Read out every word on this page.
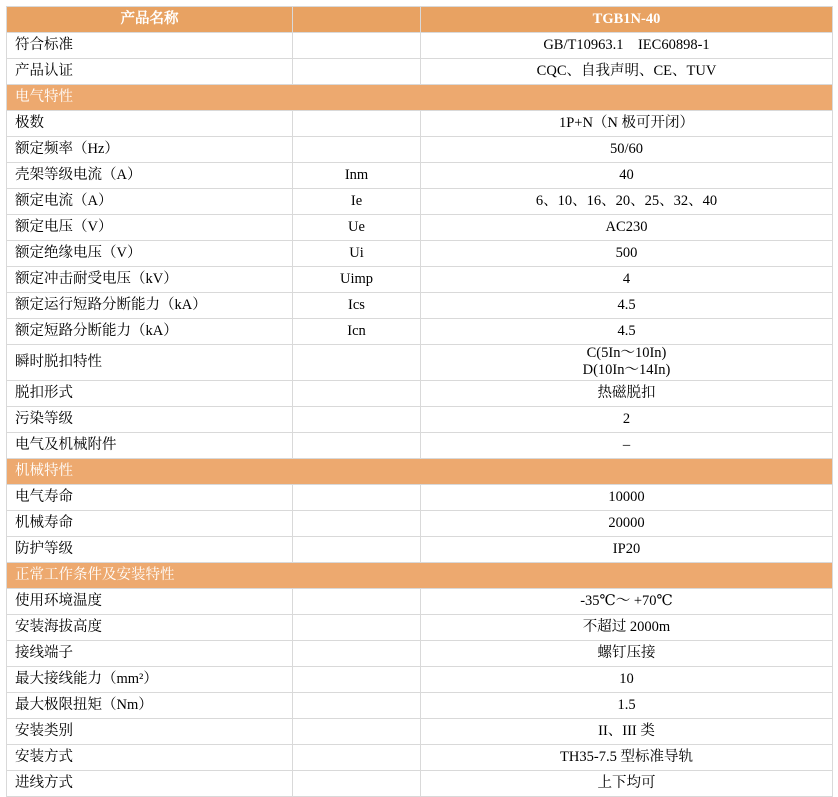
产品名称		TGB1N-40
符合标准		GB/T10963.1　IEC60898-1
产品认证		CQC、自我声明、CE、TUV
电气特性		
极数		1P+N（N 极可开闭）
额定频率（Hz）		50/60
壳架等级电流（A）	Inm	40
额定电流（A）	Ie	6、10、16、20、25、32、40
额定电压（V）	Ue	AC230
额定绝缘电压（V）	Ui	500
额定冲击耐受电压（kV）	Uimp	4
额定运行短路分断能力（kA）	Ics	4.5
额定短路分断能力（kA）	Icn	4.5
瞬时脱扣特性		C(5In～10In)
D(10In～14In)

脱扣形式		热磁脱扣
污染等级		2
电气及机械附件		–
机械特性		
电气寿命		10000
机械寿命		20000
防护等级		IP20
正常工作条件及安装特性		
使用环境温度		-35℃～ +70℃
安装海拔高度		不超过 2000m
接线端子		螺钉压接
最大接线能力（mm²）		10
最大极限扭矩（Nm）		1.5
安装类别		II、III 类
安装方式		TH35-7.5 型标准导轨
进线方式		上下均可
